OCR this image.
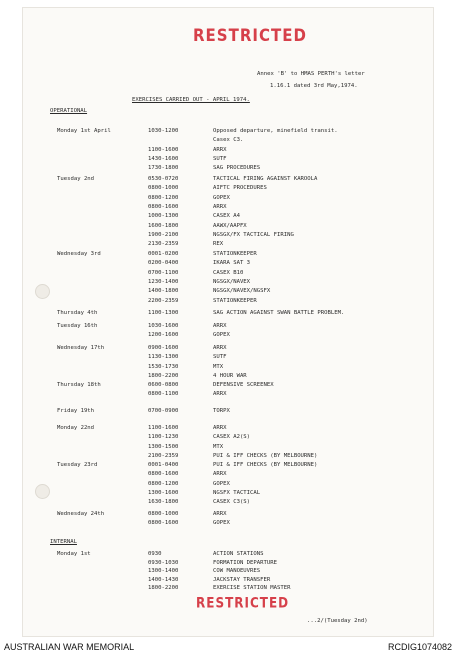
RESTRICTED
Annex 'B' to HMAS PERTH's letter
1.16.1 dated 3rd May,1974.
EXERCISES CARRIED OUT - APRIL 1974.
OPERATIONAL
Monday 1st April	1030-1200	Opposed departure, minefield transit.
Casex C3.
1100-1600	ARRX
1430-1600	SUTF
1730-1800	SAG PROCEDURES
Tuesday 2nd	0530-0720	TACTICAL FIRING AGAINST KAROOLA
0800-1000	AIFTC PROCEDURES
0800-1200	GOPEX
0800-1600	ARRX
1000-1300	CASEX A4
1600-1800	AAWX/AAPFX
1900-2100	NGSGX/FX TACTICAL FIRING
2130-2359	REX
Wednesday 3rd	0001-0200	STATIONKEEPER
0200-0400	IKARA SAT 3
0700-1100	CASEX B10
1230-1400	NGSGX/NAVEX
1400-1800	NGSGX/NAVEX/NGSFX
2200-2359	STATIONKEEPER
Thursday 4th	1100-1300	SAG ACTION AGAINST SWAN BATTLE PROBLEM.
Tuesday 16th	1030-1600	ARRX
1200-1600	GOPEX
Wednesday 17th	0900-1600	ARRX
1130-1300	SUTF
1530-1730	MTX
1800-2200	4 HOUR WAR
Thursday 18th	0600-0800	DEFENSIVE SCREENEX
0800-1100	ARRX
Friday 19th	0700-0900	TORPX
Monday 22nd	1100-1600	ARRX
1100-1230	CASEX A2(S)
1300-1500	MTX
2100-2359	PUI & IFF CHECKS (BY MELBOURNE)
Tuesday 23rd	0001-0400	PUI & IFF CHECKS (BY MELBOURNE)
0800-1600	ARRX
0800-1200	GOPEX
1300-1600	NGSFX TACTICAL
1630-1800	CASEX C3(S)
Wednesday 24th	0800-1000	ARRX
0800-1600	GOPEX
INTERNAL
Monday 1st	0930	ACTION STATIONS
0930-1030	FORMATION DEPARTURE
1300-1400	COW MANOEUVRES
1400-1430	JACKSTAY TRANSFER
1800-2200	EXERCISE STATION MASTER
RESTRICTED
...2/(Tuesday 2nd)
AUSTRALIAN WAR MEMORIAL	RCDIG1074082
